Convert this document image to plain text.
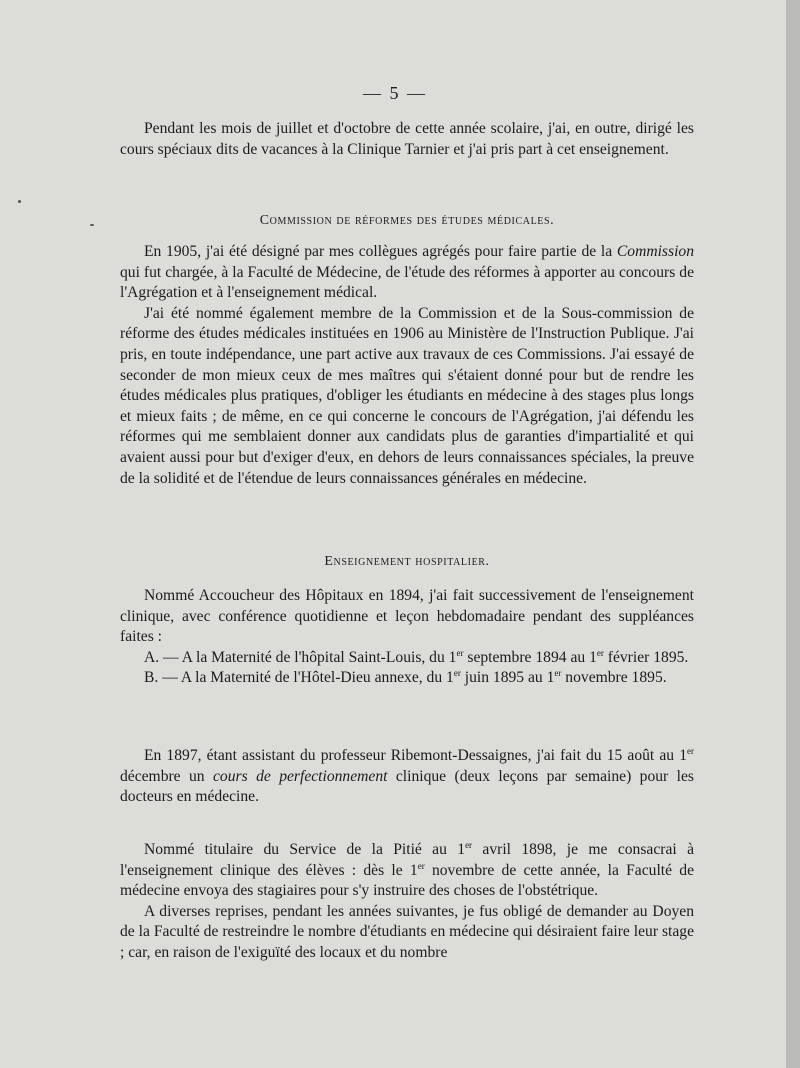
— 5 —

Pendant les mois de juillet et d'octobre de cette année scolaire, j'ai, en outre, dirigé les cours spéciaux dits de vacances à la Clinique Tarnier et j'ai pris part à cet enseignement.

Commission de réformes des études médicales.

En 1905, j'ai été désigné par mes collègues agrégés pour faire partie de la Commission qui fut chargée, à la Faculté de Médecine, de l'étude des réformes à apporter au concours de l'Agrégation et à l'enseignement médical.

J'ai été nommé également membre de la Commission et de la Sous-commission de réforme des études médicales instituées en 1906 au Ministère de l'Instruction Publique. J'ai pris, en toute indépendance, une part active aux travaux de ces Commissions. J'ai essayé de seconder de mon mieux ceux de mes maîtres qui s'étaient donné pour but de rendre les études médicales plus pratiques, d'obliger les étudiants en médecine à des stages plus longs et mieux faits ; de même, en ce qui concerne le concours de l'Agrégation, j'ai défendu les réformes qui me semblaient donner aux candidats plus de garanties d'impartialité et qui avaient aussi pour but d'exiger d'eux, en dehors de leurs connaissances spéciales, la preuve de la solidité et de l'étendue de leurs connaissances générales en médecine.

Enseignement hospitalier.

Nommé Accoucheur des Hôpitaux en 1894, j'ai fait successivement de l'enseignement clinique, avec conférence quotidienne et leçon hebdomadaire pendant des suppléances faites :

A. — A la Maternité de l'hôpital Saint-Louis, du 1er septembre 1894 au 1er février 1895.

B. — A la Maternité de l'Hôtel-Dieu annexe, du 1er juin 1895 au 1er novembre 1895.

En 1897, étant assistant du professeur Ribemont-Dessaignes, j'ai fait du 15 août au 1er décembre un cours de perfectionnement clinique (deux leçons par semaine) pour les docteurs en médecine.

Nommé titulaire du Service de la Pitié au 1er avril 1898, je me consacrai à l'enseignement clinique des élèves : dès le 1er novembre de cette année, la Faculté de médecine envoya des stagiaires pour s'y instruire des choses de l'obstétrique.

A diverses reprises, pendant les années suivantes, je fus obligé de demander au Doyen de la Faculté de restreindre le nombre d'étudiants en médecine qui désiraient faire leur stage ; car, en raison de l'exiguïté des locaux et du nombre
